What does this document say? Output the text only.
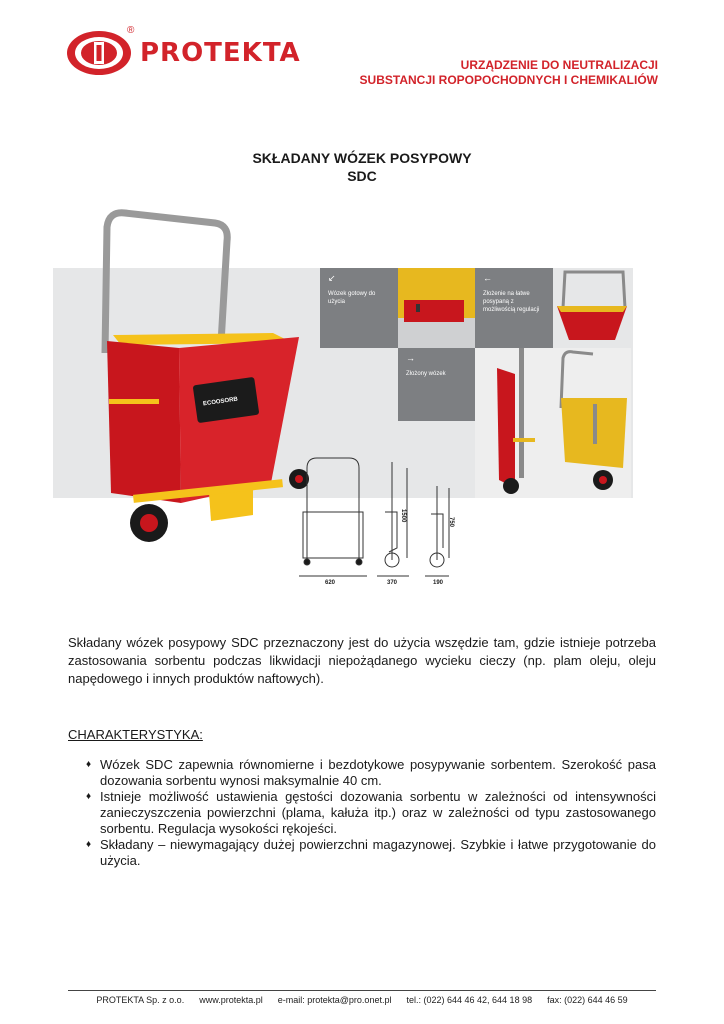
®
PROTEKTA	URZĄDZENIE DO NEUTRALIZACJI
SUBSTANCJI ROPOPOCHODNYCH I CHEMIKALIÓW
SKŁADANY WÓZEK POSYPOWY
SDC
ECOOSORB
↙
Wózek gotowy do użycia
←
Złożenie na łatwe posypaną z możliwością regulacji
→
Złożony wózek
620	370	190
1500	750
Składany wózek posypowy SDC przeznaczony jest do użycia wszędzie tam, gdzie istnieje potrzeba zastosowania sorbentu podczas likwidacji niepożądanego wycieku cieczy (np. plam oleju, oleju napędowego i innych produktów naftowych).
CHARAKTERYSTYKA:
♦ Wózek SDC zapewnia równomierne i bezdotykowe posypywanie sorbentem. Szerokość pasa dozowania sorbentu wynosi maksymalnie 40 cm.
♦ Istnieje możliwość ustawienia gęstości dozowania sorbentu w zależności od intensywności zanieczyszczenia powierzchni (plama, kałuża itp.) oraz w zależności od typu zastosowanego sorbentu. Regulacja wysokości rękojeści.
♦ Składany – niewymagający dużej powierzchni magazynowej. Szybkie i łatwe przygotowanie do użycia.
PROTEKTA Sp. z o.o. www.protekta.pl e-mail: protekta@pro.onet.pl tel.: (022) 644 46 42, 644 18 98 fax: (022) 644 46 59
